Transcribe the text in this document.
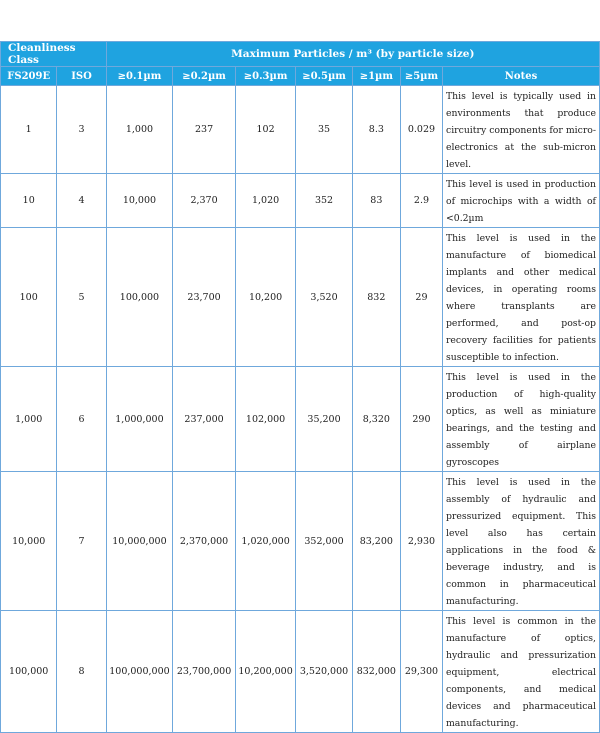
Cleanliness Class		Maximum Particles / m³ (by particle size)						
FS209E	ISO	≥0.1µm	≥0.2µm	≥0.3µm	≥0.5µm	≥1µm	≥5µm	Notes
1	3	1,000	237	102	35	8.3	0.029	This level is typically used in environments that produce circuitry components for micro-electronics at the sub-micron level.
10	4	10,000	2,370	1,020	352	83	2.9	This level is used in production of microchips with a width of <0.2µm
100	5	100,000	23,700	10,200	3,520	832	29	This level is used in the manufacture of biomedical implants and other medical devices, in operating rooms where transplants are performed, and post-op recovery facilities for patients susceptible to infection.
1,000	6	1,000,000	237,000	102,000	35,200	8,320	290	This level is used in the production of high-quality optics, as well as miniature bearings, and the testing and assembly of airplane gyroscopes
10,000	7	10,000,000	2,370,000	1,020,000	352,000	83,200	2,930	This level is used in the assembly of hydraulic and pressurized equipment. This level also has certain applications in the food & beverage industry, and is common in pharmaceutical manufacturing.
100,000	8	100,000,000	23,700,000	10,200,000	3,520,000	832,000	29,300	This level is common in the manufacture of optics, hydraulic and pressurization equipment, electrical components, and medical devices and pharmaceutical manufacturing.
